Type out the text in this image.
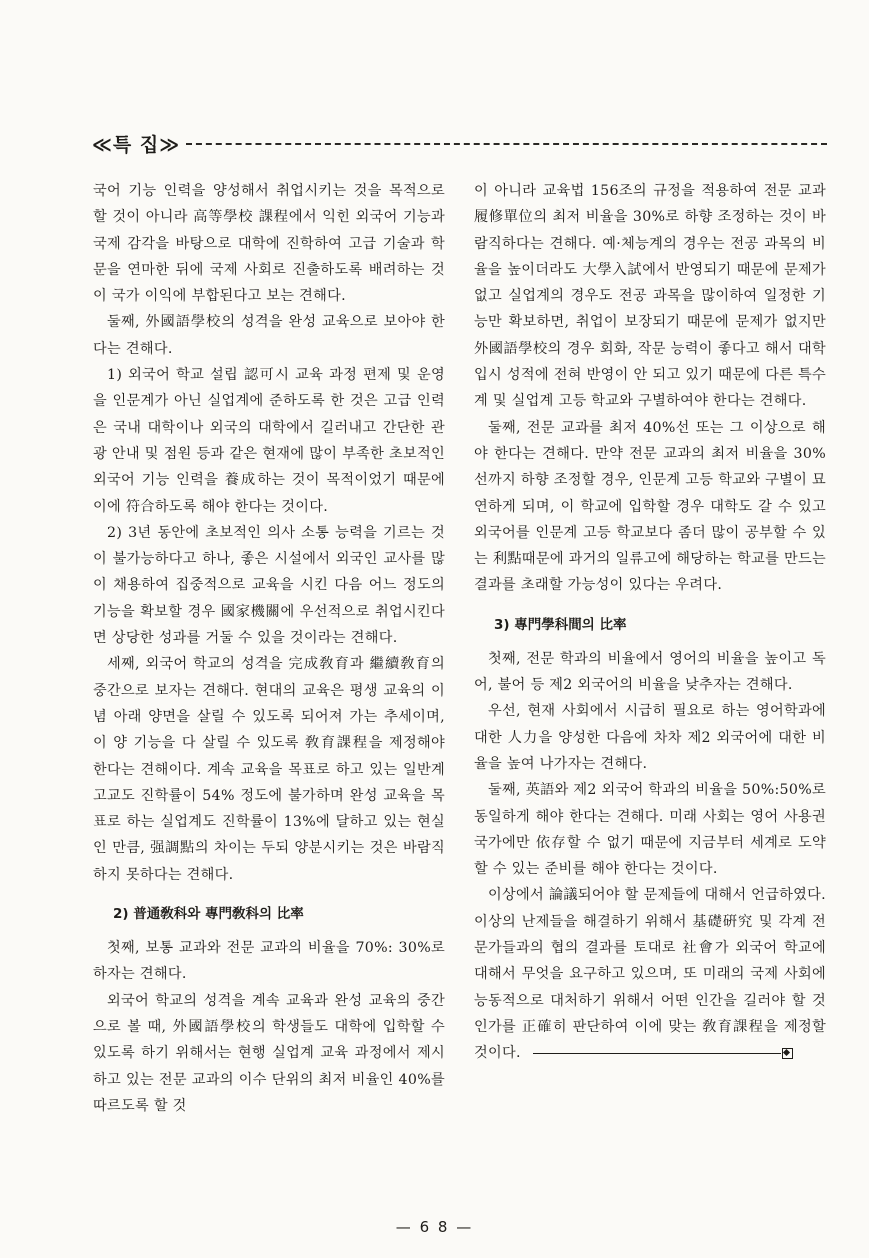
≪특 집≫

국어 기능 인력을 양성해서 취업시키는 것을 목적으로 할 것이 아니라 高等學校 課程에서 익힌 외국어 기능과 국제 감각을 바탕으로 대학에 진학하여 고급 기술과 학문을 연마한 뒤에 국제 사회로 진출하도록 배려하는 것이 국가 이익에 부합된다고 보는 견해다.

둘째, 外國語學校의 성격을 완성 교육으로 보아야 한다는 견해다.

1) 외국어 학교 설립 認可시 교육 과정 편제 및 운영을 인문계가 아닌 실업계에 준하도록 한 것은 고급 인력은 국내 대학이나 외국의 대학에서 길러내고 간단한 관광 안내 및 점원 등과 같은 현재에 많이 부족한 초보적인 외국어 기능 인력을 養成하는 것이 목적이었기 때문에 이에 符合하도록 해야 한다는 것이다.

2) 3년 동안에 초보적인 의사 소통 능력을 기르는 것이 불가능하다고 하나, 좋은 시설에서 외국인 교사를 많이 채용하여 집중적으로 교육을 시킨 다음 어느 정도의 기능을 확보할 경우 國家機關에 우선적으로 취업시킨다면 상당한 성과를 거둘 수 있을 것이라는 견해다.

세째, 외국어 학교의 성격을 完成敎育과 繼續敎育의 중간으로 보자는 견해다. 현대의 교육은 평생 교육의 이념 아래 양면을 살릴 수 있도록 되어져 가는 추세이며, 이 양 기능을 다 살릴 수 있도록 敎育課程을 제정해야 한다는 견해이다. 계속 교육을 목표로 하고 있는 일반계 고교도 진학률이 54% 정도에 불가하며 완성 교육을 목표로 하는 실업계도 진학률이 13%에 달하고 있는 현실인 만큼, 强調點의 차이는 두되 양분시키는 것은 바람직하지 못하다는 견해다.

2) 普通敎科와 專門敎科의 比率

첫째, 보통 교과와 전문 교과의 비율을 70%: 30%로 하자는 견해다.

외국어 학교의 성격을 계속 교육과 완성 교육의 중간으로 볼 때, 外國語學校의 학생들도 대학에 입학할 수 있도록 하기 위해서는 현행 실업계 교육 과정에서 제시하고 있는 전문 교과의 이수 단위의 최저 비율인 40%를 따르도록 할 것

이 아니라 교육법 156조의 규정을 적용하여 전문 교과 履修單位의 최저 비율을 30%로 하향 조정하는 것이 바람직하다는 견해다. 예·체능계의 경우는 전공 과목의 비율을 높이더라도 大學入試에서 반영되기 때문에 문제가 없고 실업계의 경우도 전공 과목을 많이하여 일정한 기능만 확보하면, 취업이 보장되기 때문에 문제가 없지만 外國語學校의 경우 회화, 작문 능력이 좋다고 해서 대학 입시 성적에 전혀 반영이 안 되고 있기 때문에 다른 특수계 및 실업계 고등 학교와 구별하여야 한다는 견해다.

둘째, 전문 교과를 최저 40%선 또는 그 이상으로 해야 한다는 견해다. 만약 전문 교과의 최저 비율을 30%선까지 하향 조정할 경우, 인문계 고등 학교와 구별이 묘연하게 되며, 이 학교에 입학할 경우 대학도 갈 수 있고 외국어를 인문계 고등 학교보다 좀더 많이 공부할 수 있는 利點때문에 과거의 일류고에 해당하는 학교를 만드는 결과를 초래할 가능성이 있다는 우려다.

3) 專門學科間의 比率

첫째, 전문 학과의 비율에서 영어의 비율을 높이고 독어, 불어 등 제2 외국어의 비율을 낮추자는 견해다.

우선, 현재 사회에서 시급히 필요로 하는 영어학과에 대한 人力을 양성한 다음에 차차 제2 외국어에 대한 비율을 높여 나가자는 견해다.

둘째, 英語와 제2 외국어 학과의 비율을 50%:50%로 동일하게 해야 한다는 견해다. 미래 사회는 영어 사용권 국가에만 依存할 수 없기 때문에 지금부터 세계로 도약할 수 있는 준비를 해야 한다는 것이다.

이상에서 論議되어야 할 문제들에 대해서 언급하였다. 이상의 난제들을 해결하기 위해서 基礎硏究 및 각계 전문가들과의 협의 결과를 토대로 社會가 외국어 학교에 대해서 무엇을 요구하고 있으며, 또 미래의 국제 사회에 능동적으로 대처하기 위해서 어떤 인간을 길러야 할 것인가를 正確히 판단하여 이에 맞는 敎育課程을 제정할 것이다.

— 6 8 —
